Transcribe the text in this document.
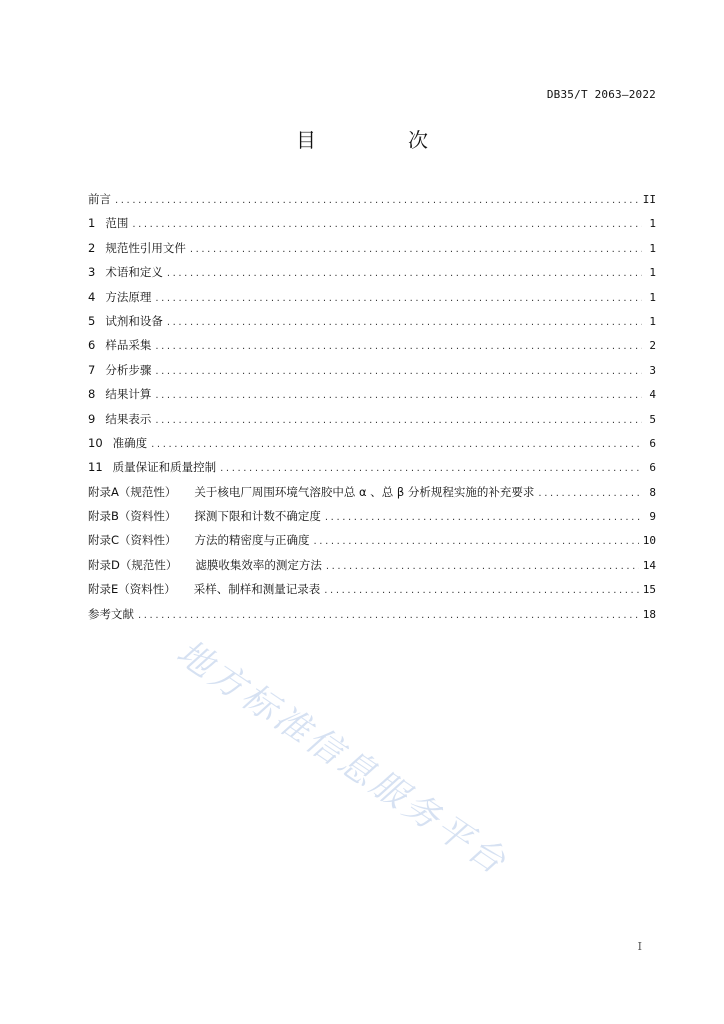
DB35/T 2063—2022
目　次
前言 .....	II
1 范围 .....	1
2 规范性引用文件 .....	1
3 术语和定义 .....	1
4 方法原理 .....	1
5 试剂和设备 .....	1
6 样品采集 .....	2
7 分析步骤 .....	3
8 结果计算 .....	4
9 结果表示 .....	5
10 准确度 .....	6
11 质量保证和质量控制 .....	6
附录A（规范性） 关于核电厂周围环境气溶胶中总 α 、总 β 分析规程实施的补充要求 .....	8
附录B（资料性） 探测下限和计数不确定度 .....	9
附录C（资料性） 方法的精密度与正确度 .....	10
附录D（规范性） 滤膜收集效率的测定方法 .....	14
附录E（资料性） 采样、制样和测量记录表 .....	15
参考文献 .....	18
地方标准信息服务平台
I
